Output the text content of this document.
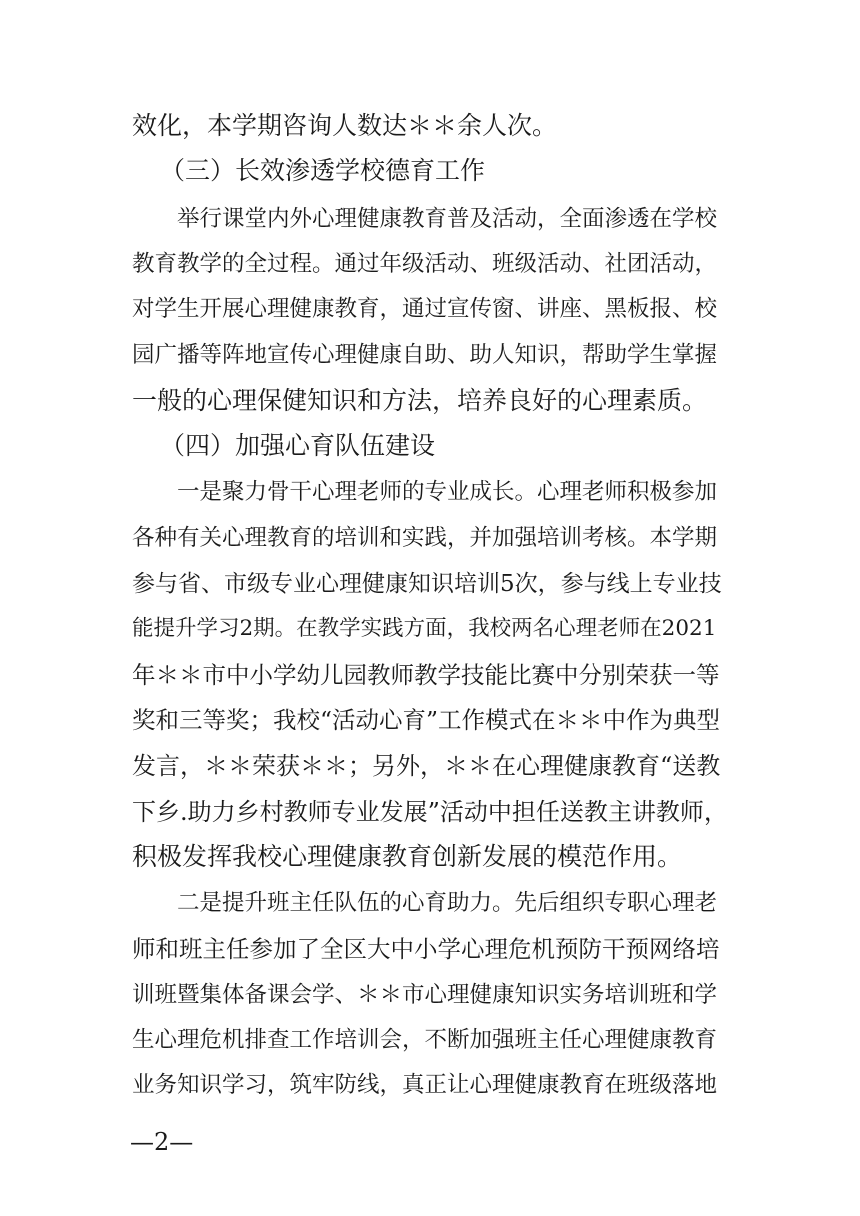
效化，本学期咨询人数达＊＊余人次。
（三）长效渗透学校德育工作
举行课堂内外心理健康教育普及活动，全面渗透在学校
教育教学的全过程。通过年级活动、班级活动、社团活动，
对学生开展心理健康教育，通过宣传窗、讲座、黑板报、校
园广播等阵地宣传心理健康自助、助人知识，帮助学生掌握
一般的心理保健知识和方法，培养良好的心理素质。
（四）加强心育队伍建设
一是聚力骨干心理老师的专业成长。心理老师积极参加
各种有关心理教育的培训和实践，并加强培训考核。本学期
参与省、市级专业心理健康知识培训5次，参与线上专业技
能提升学习2期。在教学实践方面，我校两名心理老师在2021
年＊＊市中小学幼儿园教师教学技能比赛中分别荣获一等
奖和三等奖；我校“活动心育”工作模式在＊＊中作为典型
发言，＊＊荣获＊＊；另外，＊＊在心理健康教育“送教
下乡.助力乡村教师专业发展”活动中担任送教主讲教师，
积极发挥我校心理健康教育创新发展的模范作用。
二是提升班主任队伍的心育助力。先后组织专职心理老
师和班主任参加了全区大中小学心理危机预防干预网络培
训班暨集体备课会学、＊＊市心理健康知识实务培训班和学
生心理危机排查工作培训会，不断加强班主任心理健康教育
业务知识学习，筑牢防线，真正让心理健康教育在班级落地
—2—
